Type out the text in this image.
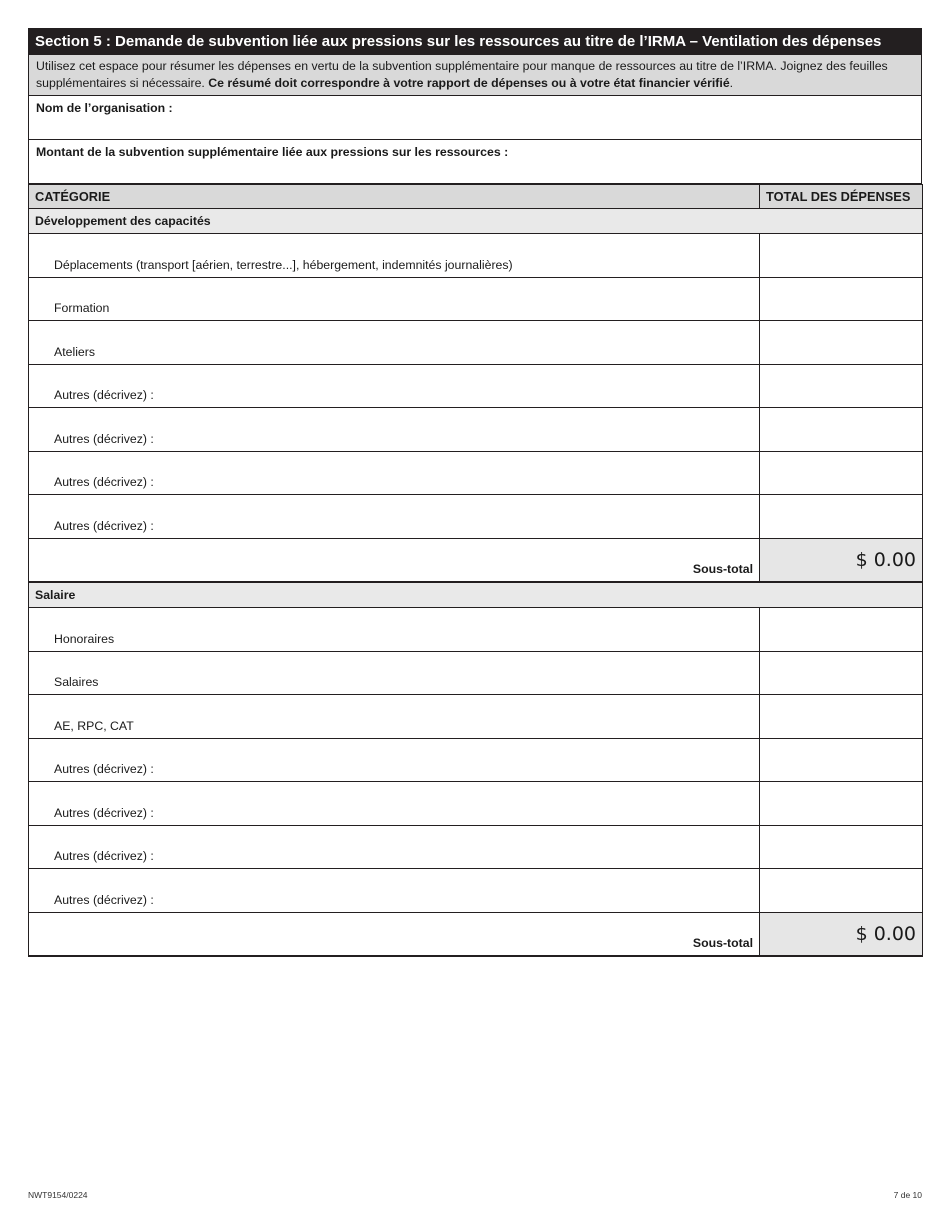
Section 5 : Demande de subvention liée aux pressions sur les ressources au titre de l’IRMA – Ventilation des dépenses
Utilisez cet espace pour résumer les dépenses en vertu de la subvention supplémentaire pour manque de ressources au titre de l’IRMA. Joignez des feuilles supplémentaires si nécessaire. Ce résumé doit correspondre à votre rapport de dépenses ou à votre état financier vérifié.
Nom de l’organisation :
Montant de la subvention supplémentaire liée aux pressions sur les ressources :
CATÉGORIE	TOTAL DES DÉPENSES
Développement des capacités	
Déplacements (transport [aérien, terrestre...], hébergement, indemnités journalières)	
Formation	
Ateliers	
Autres (décrivez) :	
Autres (décrivez) :	
Autres (décrivez) :	
Autres (décrivez) :	
Sous-total	$ 0.00
Salaire	
Honoraires	
Salaires	
AE, RPC, CAT	
Autres (décrivez) :	
Autres (décrivez) :	
Autres (décrivez) :	
Autres (décrivez) :	
Sous-total	$ 0.00
NWT9154/0224	7 de 10
